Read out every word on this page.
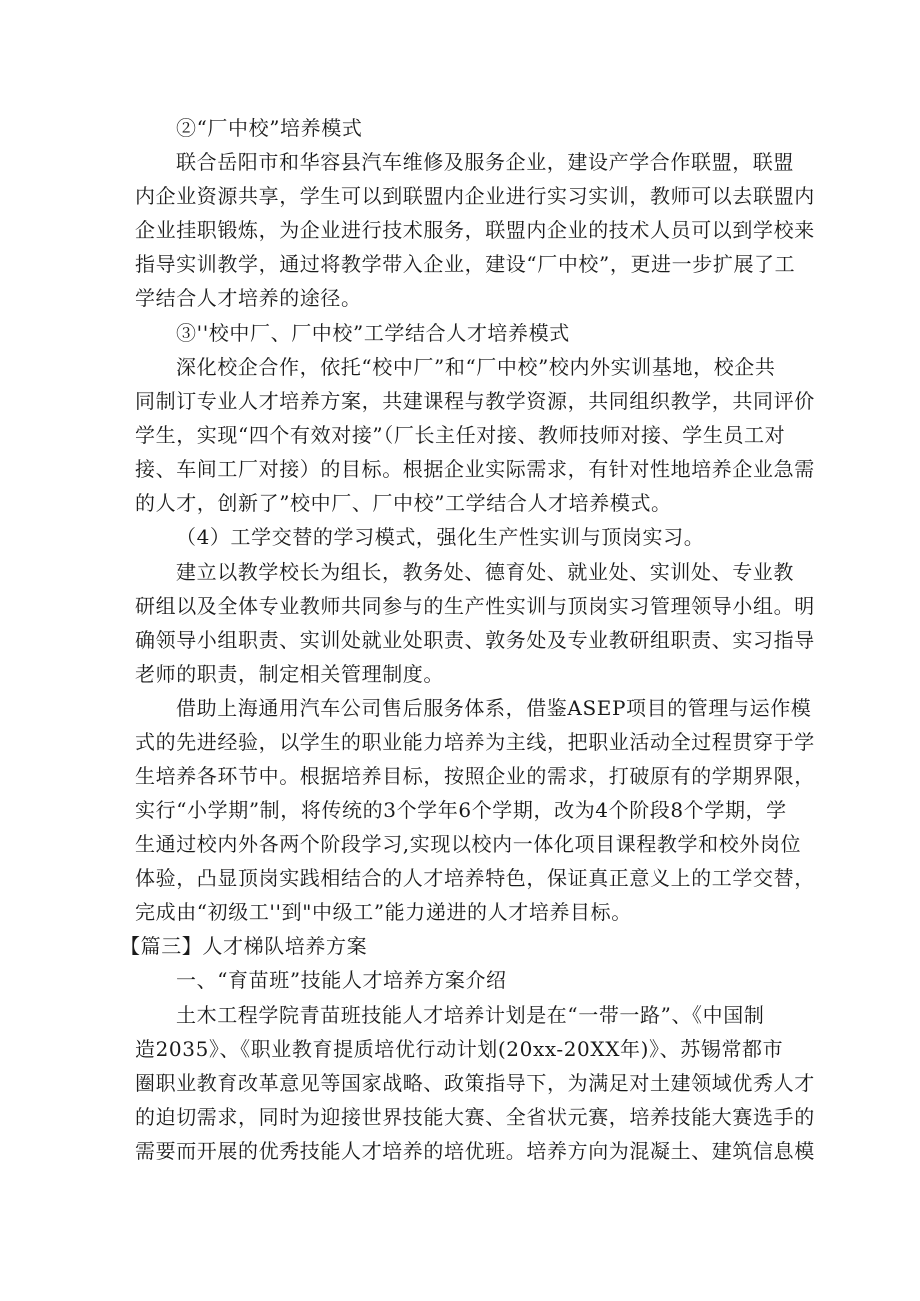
②“厂中校”培养模式
联合岳阳市和华容县汽车维修及服务企业，建设产学合作联盟，联盟
内企业资源共享，学生可以到联盟内企业进行实习实训，教师可以去联盟内
企业挂职锻炼，为企业进行技术服务，联盟内企业的技术人员可以到学校来
指导实训教学，通过将教学带入企业，建设“厂中校”，更进一步扩展了工
学结合人才培养的途径。
③''校中厂、厂中校”工学结合人才培养模式
深化校企合作，依托“校中厂”和“厂中校”校内外实训基地，校企共
同制订专业人才培养方案，共建课程与教学资源，共同组织教学，共同评价
学生，实现“四个有效对接”（厂长主任对接、教师技师对接、学生员工对
接、车间工厂对接）的目标。根据企业实际需求，有针对性地培养企业急需
的人才，创新了”校中厂、厂中校”工学结合人才培养模式。
（4）工学交替的学习模式，强化生产性实训与顶岗实习。
建立以教学校长为组长，教务处、德育处、就业处、实训处、专业教
研组以及全体专业教师共同参与的生产性实训与顶岗实习管理领导小组。明
确领导小组职责、实训处就业处职责、敦务处及专业教研组职责、实习指导
老师的职责，制定相关管理制度。
借助上海通用汽车公司售后服务体系，借鉴ASEP项目的管理与运作模
式的先进经验，以学生的职业能力培养为主线，把职业活动全过程贯穿于学
生培养各环节中。根据培养目标，按照企业的需求，打破原有的学期界限，
实行“小学期”制，将传统的3个学年6个学期，改为4个阶段8个学期，学
生通过校内外各两个阶段学习,实现以校内一体化项目课程教学和校外岗位
体验，凸显顶岗实践相结合的人才培养特色，保证真正意义上的工学交替，
完成由“初级工''到"中级工”能力递进的人才培养目标。
【篇三】人才梯队培养方案
一、“育苗班”技能人才培养方案介绍
土木工程学院青苗班技能人才培养计划是在“一带一路”、《中国制
造2035》、《职业教育提质培优行动计划(20xx-20XX年)》、苏锡常都市
圈职业教育改革意见等国家战略、政策指导下，为满足对土建领域优秀人才
的迫切需求，同时为迎接世界技能大赛、全省状元赛，培养技能大赛选手的
需要而开展的优秀技能人才培养的培优班。培养方向为混凝土、建筑信息模
